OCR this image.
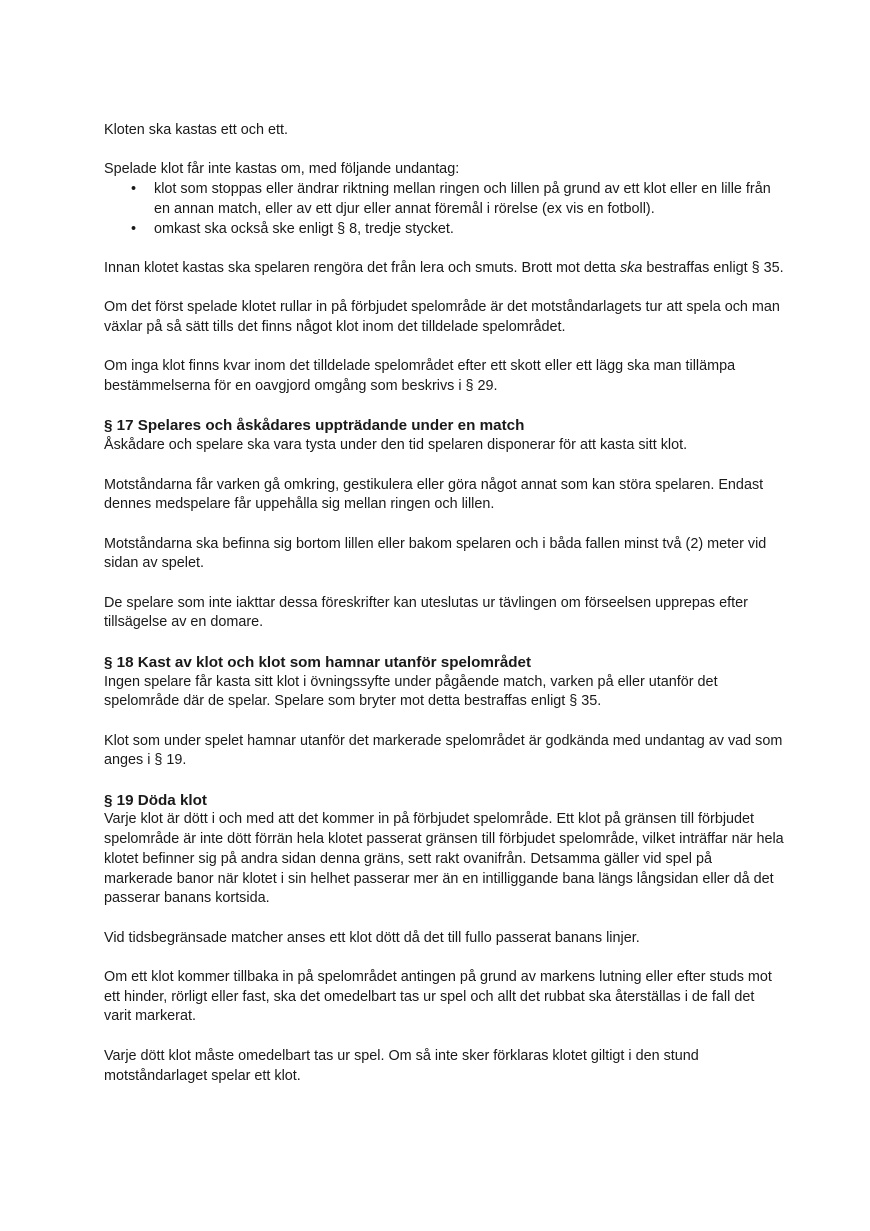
Kloten ska kastas ett och ett.

Spelade klot får inte kastas om, med följande undantag:

• klot som stoppas eller ändrar riktning mellan ringen och lillen på grund av ett klot eller en lille från en annan match, eller av ett djur eller annat föremål i rörelse (ex vis en fotboll).
• omkast ska också ske enligt § 8, tredje stycket.

Innan klotet kastas ska spelaren rengöra det från lera och smuts. Brott mot detta ska bestraffas enligt § 35.

Om det först spelade klotet rullar in på förbjudet spelområde är det motståndarlagets tur att spela och man växlar på så sätt tills det finns något klot inom det tilldelade spelområdet.

Om inga klot finns kvar inom det tilldelade spelområdet efter ett skott eller ett lägg ska man tillämpa bestämmelserna för en oavgjord omgång som beskrivs i § 29.

§ 17 Spelares och åskådares uppträdande under en match

Åskådare och spelare ska vara tysta under den tid spelaren disponerar för att kasta sitt klot.

Motståndarna får varken gå omkring, gestikulera eller göra något annat som kan störa spelaren. Endast dennes medspelare får uppehålla sig mellan ringen och lillen.

Motståndarna ska befinna sig bortom lillen eller bakom spelaren och i båda fallen minst två (2) meter vid sidan av spelet.

De spelare som inte iakttar dessa föreskrifter kan uteslutas ur tävlingen om förseelsen upprepas efter tillsägelse av en domare.

§ 18 Kast av klot och klot som hamnar utanför spelområdet

Ingen spelare får kasta sitt klot i övningssyfte under pågående match, varken på eller utanför det spelområde där de spelar. Spelare som bryter mot detta bestraffas enligt § 35.

Klot som under spelet hamnar utanför det markerade spelområdet är godkända med undantag av vad som anges i § 19.

§ 19 Döda klot

Varje klot är dött i och med att det kommer in på förbjudet spelområde. Ett klot på gränsen till förbjudet spelområde är inte dött förrän hela klotet passerat gränsen till förbjudet spelområde, vilket inträffar när hela klotet befinner sig på andra sidan denna gräns, sett rakt ovanifrån. Detsamma gäller vid spel på markerade banor när klotet i sin helhet passerar mer än en intilliggande bana längs långsidan eller då det passerar banans kortsida.

Vid tidsbegränsade matcher anses ett klot dött då det till fullo passerat banans linjer.

Om ett klot kommer tillbaka in på spelområdet antingen på grund av markens lutning eller efter studs mot ett hinder, rörligt eller fast, ska det omedelbart tas ur spel och allt det rubbat ska återställas i de fall det varit markerat.

Varje dött klot måste omedelbart tas ur spel. Om så inte sker förklaras klotet giltigt i den stund motståndarlaget spelar ett klot.
